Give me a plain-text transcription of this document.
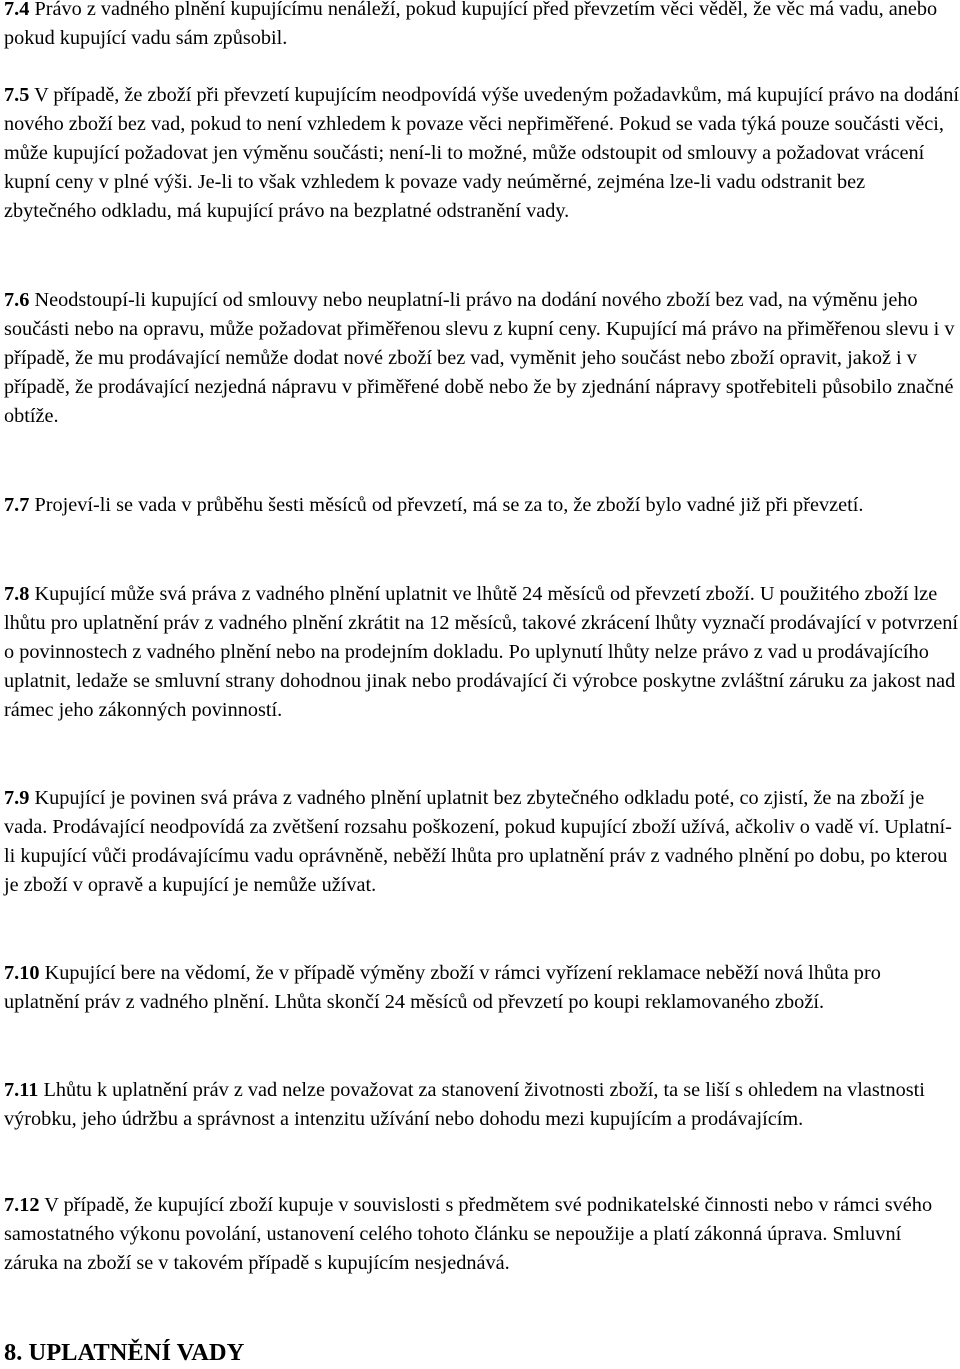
7.4 Právo z vadného plnění kupujícímu nenáleží, pokud kupující před převzetím věci věděl, že věc má vadu, anebo pokud kupující vadu sám způsobil.

7.5 V případě, že zboží při převzetí kupujícím neodpovídá výše uvedeným požadavkům, má kupující právo na dodání nového zboží bez vad, pokud to není vzhledem k povaze věci nepřiměřené. Pokud se vada týká pouze součásti věci, může kupující požadovat jen výměnu součásti; není-li to možné, může odstoupit od smlouvy a požadovat vrácení kupní ceny v plné výši. Je-li to však vzhledem k povaze vady neúměrné, zejména lze-li vadu odstranit bez zbytečného odkladu, má kupující právo na bezplatné odstranění vady.

7.6 Neodstoupí-li kupující od smlouvy nebo neuplatní-li právo na dodání nového zboží bez vad, na výměnu jeho součásti nebo na opravu, může požadovat přiměřenou slevu z kupní ceny. Kupující má právo na přiměřenou slevu i v případě, že mu prodávající nemůže dodat nové zboží bez vad, vyměnit jeho součást nebo zboží opravit, jakož i v případě, že prodávající nezjedná nápravu v přiměřené době nebo že by zjednání nápravy spotřebiteli působilo značné obtíže.

7.7 Projeví-li se vada v průběhu šesti měsíců od převzetí, má se za to, že zboží bylo vadné již při převzetí.

7.8 Kupující může svá práva z vadného plnění uplatnit ve lhůtě 24 měsíců od převzetí zboží. U použitého zboží lze lhůtu pro uplatnění práv z vadného plnění zkrátit na 12 měsíců, takové zkrácení lhůty vyznačí prodávající v potvrzení o povinnostech z vadného plnění nebo na prodejním dokladu. Po uplynutí lhůty nelze právo z vad u prodávajícího uplatnit, ledaže se smluvní strany dohodnou jinak nebo prodávající či výrobce poskytne zvláštní záruku za jakost nad rámec jeho zákonných povinností.

7.9 Kupující je povinen svá práva z vadného plnění uplatnit bez zbytečného odkladu poté, co zjistí, že na zboží je vada. Prodávající neodpovídá za zvětšení rozsahu poškození, pokud kupující zboží užívá, ačkoliv o vadě ví. Uplatní-li kupující vůči prodávajícímu vadu oprávněně, neběží lhůta pro uplatnění práv z vadného plnění po dobu, po kterou je zboží v opravě a kupující je nemůže užívat.

7.10 Kupující bere na vědomí, že v případě výměny zboží v rámci vyřízení reklamace neběží nová lhůta pro uplatnění práv z vadného plnění. Lhůta skončí 24 měsíců od převzetí po koupi reklamovaného zboží.

7.11 Lhůtu k uplatnění práv z vad nelze považovat za stanovení životnosti zboží, ta se liší s ohledem na vlastnosti výrobku, jeho údržbu a správnost a intenzitu užívání nebo dohodu mezi kupujícím a prodávajícím.

7.12 V případě, že kupující zboží kupuje v souvislosti s předmětem své podnikatelské činnosti nebo v rámci svého samostatného výkonu povolání, ustanovení celého tohoto článku se nepoužije a platí zákonná úprava. Smluvní záruka na zboží se v takovém případě s kupujícím nesjednává.

8. UPLATNĚNÍ VADY
